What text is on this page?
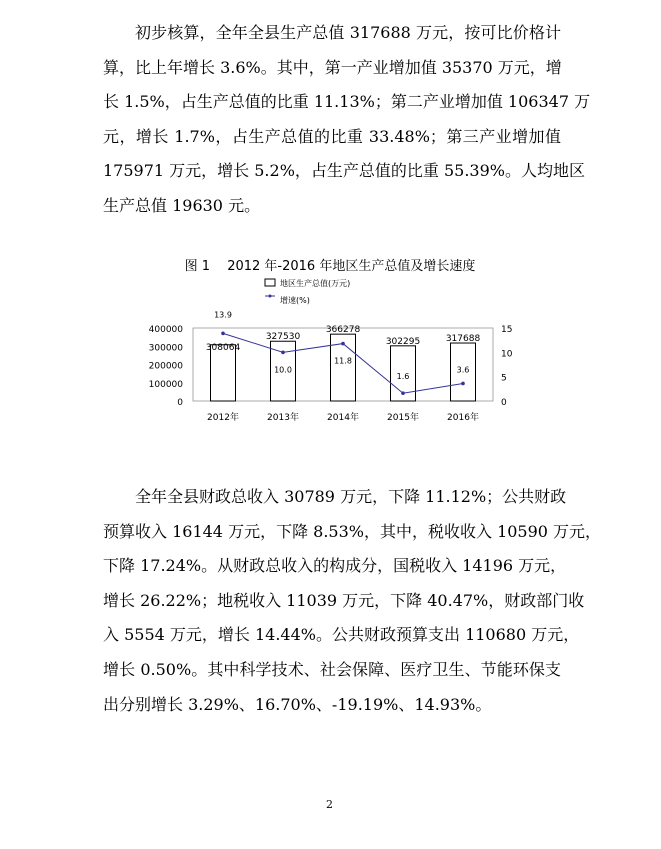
初步核算，全年全县生产总值 317688 万元，按可比价格计
算，比上年增长 3.6%。其中，第一产业增加值 35370 万元，增
长 1.5%，占生产总值的比重 11.13%；第二产业增加值 106347 万
元，增长 1.7%，占生产总值的比重 33.48%；第三产业增加值
175971 万元，增长 5.2%，占生产总值的比重 55.39%。人均地区
生产总值 19630 元。
图 1　 2012 年-2016 年地区生产总值及增长速度
地区生产总值(万元)
增速(%)
0
100000
200000
300000
400000
0
5
10
15
308064
2012年
327530
2013年
366278
2014年
302295
2015年
317688
2016年
13.9
10.0
11.8
1.6
3.6
全年全县财政总收入 30789 万元，下降 11.12%；公共财政
预算收入 16144 万元，下降 8.53%，其中，税收收入 10590 万元，
下降 17.24%。从财政总收入的构成分，国税收入 14196 万元，
增长 26.22%；地税收入 11039 万元，下降 40.47%，财政部门收
入 5554 万元，增长 14.44%。公共财政预算支出 110680 万元，
增长 0.50%。其中科学技术、社会保障、医疗卫生、节能环保支
出分别增长 3.29%、16.70%、-19.19%、14.93%。
2
